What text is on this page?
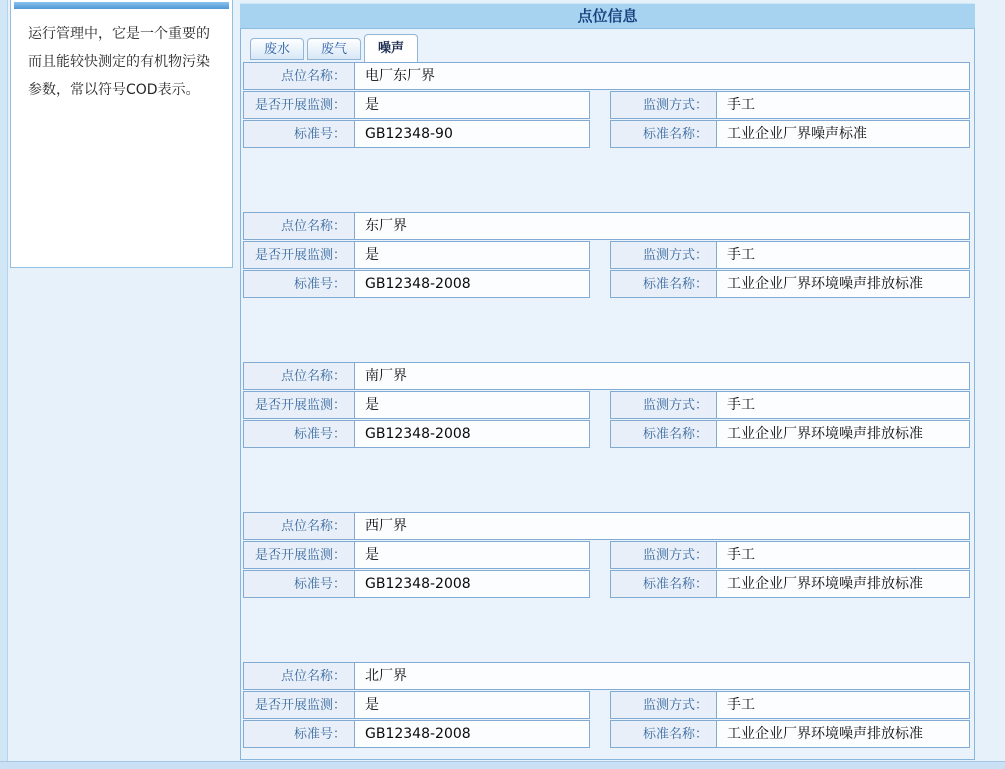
运行管理中，它是一个重要的而且能较快测定的有机物污染参数，常以符号COD表示。
点位信息
废水	废气	噪声
点位名称：	电厂东厂界
是否开展监测：	是	监测方式：	手工
标准号：	GB12348-90	标准名称：	工业企业厂界噪声标准
点位名称：	东厂界
是否开展监测：	是	监测方式：	手工
标准号：	GB12348-2008	标准名称：	工业企业厂界环境噪声排放标准
点位名称：	南厂界
是否开展监测：	是	监测方式：	手工
标准号：	GB12348-2008	标准名称：	工业企业厂界环境噪声排放标准
点位名称：	西厂界
是否开展监测：	是	监测方式：	手工
标准号：	GB12348-2008	标准名称：	工业企业厂界环境噪声排放标准
点位名称：	北厂界
是否开展监测：	是	监测方式：	手工
标准号：	GB12348-2008	标准名称：	工业企业厂界环境噪声排放标准
